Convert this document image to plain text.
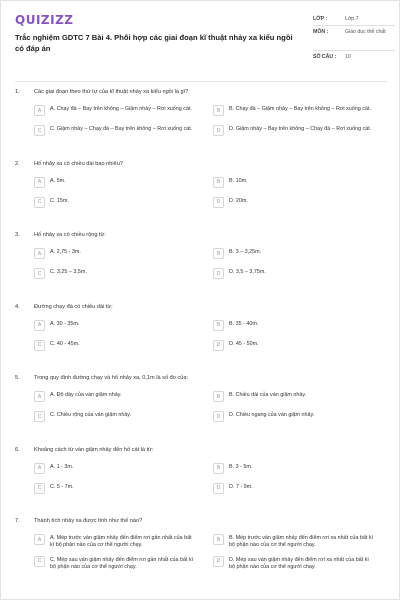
QUIZIZZ
Trắc nghiệm GDTC 7 Bài 4. Phối hợp các giai đoạn kĩ thuật nhảy xa kiểu ngồi có đáp án
LỚP :	Lớp 7
MÔN :	Giáo dục thể chất
SỐ CÂU :	10
1.	Các giai đoạn theo thứ tự của kĩ thuật nhảy xa kiểu ngồi là gì?
A	A. Chạy đà – Bay trên không – Giậm nhảy – Rơi xuống cát.	B	B. Chạy đà – Giậm nhảy – Bay trên không – Rơi xuống cát.
C	C. Giậm nhảy – Chạy đà – Bay trên không – Rơi xuống cát.	D	D. Giậm nhảy – Bay trên không – Chạy đà – Rơi xuống cát.
2.	Hố nhảy xa có chiều dài bao nhiêu?
A	A. 5m.	B	B. 10m.
C	C. 15m.	D	D. 20m.
3.	Hố nhảy xa có chiều rộng từ:
A	A. 2,75 - 3m.	B	B. 3 – 3,25m.
C	C. 3,25 – 3,5m.	D	D. 3,5 – 3,75m.
4.	Đường chạy đà có chiều dài từ:
A	A. 30 - 35m.	B	B. 35 - 40m.
C	C. 40 - 45m.	D	D. 45 - 50m.
5.	Trong quy định đường chạy và hố nhảy xa, 0,1m là số đo của:
A	A. Độ dày của ván giậm nhảy.	B	B. Chiều dài của ván giậm nhảy.
C	C. Chiều rộng của ván giậm nhảy.	D	D. Chiều ngang của ván giậm nhảy.
6.	Khoảng cách từ ván giậm nhảy đến hố cát là từ:
A	A. 1 - 3m.	B	B. 3 - 5m.
C	C. 5 - 7m.	D	D. 7 - 9m.
7.	Thành tích nhảy xa được tính như thế nào?
A	A. Mép trước ván giậm nhảy đến điểm rơi gần nhất của bất kì bộ phận nào của cơ thể người chạy.
B	B. Mép trước ván giậm nhảy đến điểm rơi xa nhất của bất kì bộ phận nào của cơ thể người chạy.
C	C. Mép sau ván giậm nhảy đến điểm rơi gần nhất của bất kì bộ phận nào của cơ thể người chạy.
D	D. Mép sau ván giậm nhảy đến điểm rơi xa nhất của bất kì bộ phận nào của cơ thể người chạy.
